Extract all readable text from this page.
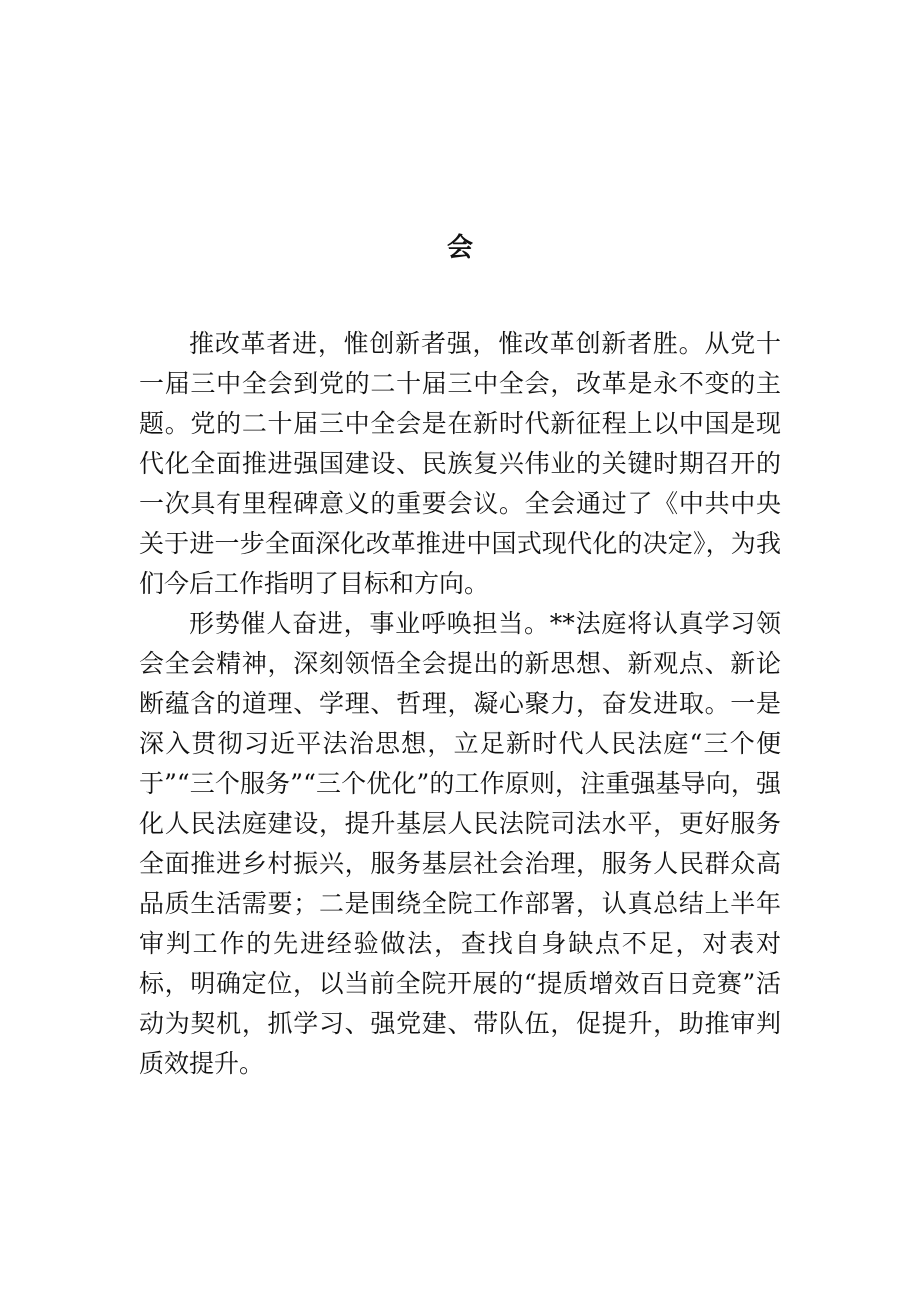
会

推改革者进，惟创新者强，惟改革创新者胜。从党十一届三中全会到党的二十届三中全会，改革是永不变的主题。党的二十届三中全会是在新时代新征程上以中国是现代化全面推进强国建设、民族复兴伟业的关键时期召开的一次具有里程碑意义的重要会议。全会通过了《中共中央关于进一步全面深化改革推进中国式现代化的决定》，为我们今后工作指明了目标和方向。

形势催人奋进，事业呼唤担当。**法庭将认真学习领会全会精神，深刻领悟全会提出的新思想、新观点、新论断蕴含的道理、学理、哲理，凝心聚力，奋发进取。一是深入贯彻习近平法治思想，立足新时代人民法庭“三个便于”“三个服务”“三个优化”的工作原则，注重强基导向，强化人民法庭建设，提升基层人民法院司法水平，更好服务全面推进乡村振兴，服务基层社会治理，服务人民群众高品质生活需要；二是围绕全院工作部署，认真总结上半年审判工作的先进经验做法，查找自身缺点不足，对表对标，明确定位，以当前全院开展的“提质增效百日竞赛”活动为契机，抓学习、强党建、带队伍，促提升，助推审判质效提升。
